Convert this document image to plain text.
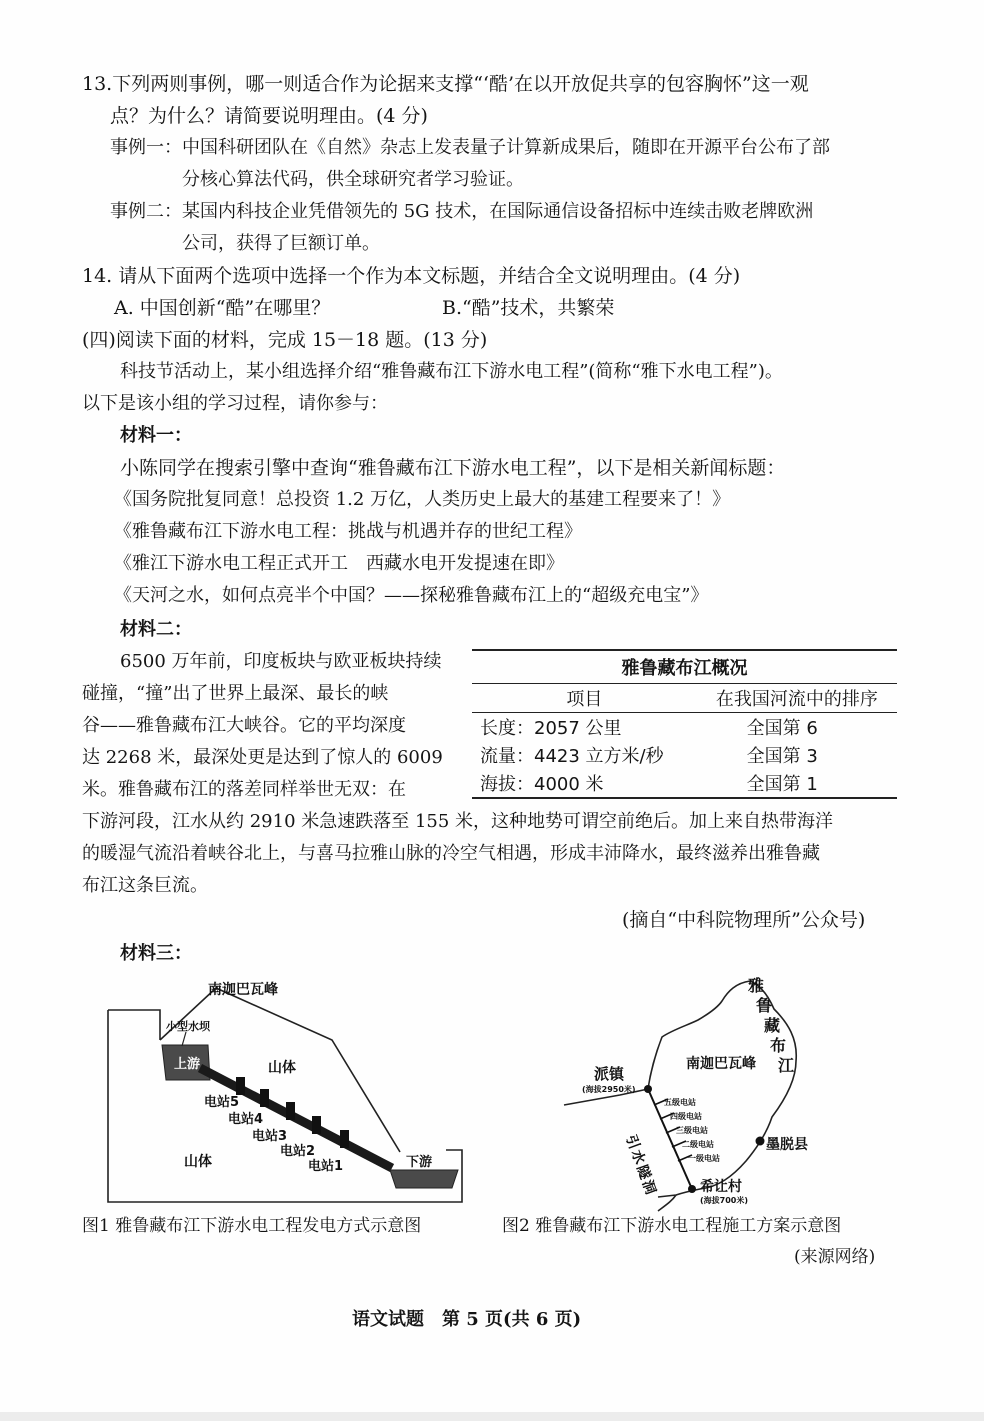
13.下列两则事例，哪一则适合作为论据来支撑“‘酷’在以开放促共享的包容胸怀”这一观
点？为什么？请简要说明理由。(4 分)
事例一：中国科研团队在《自然》杂志上发表量子计算新成果后，随即在开源平台公布了部
分核心算法代码，供全球研究者学习验证。
事例二：某国内科技企业凭借领先的 5G 技术，在国际通信设备招标中连续击败老牌欧洲
公司，获得了巨额订单。
14. 请从下面两个选项中选择一个作为本文标题，并结合全文说明理由。(4 分)
A. 中国创新“酷”在哪里？	B.“酷”技术，共繁荣
(四)阅读下面的材料，完成 15－18 题。(13 分)
科技节活动上，某小组选择介绍“雅鲁藏布江下游水电工程”(简称“雅下水电工程”)。
以下是该小组的学习过程，请你参与：
材料一：
小陈同学在搜索引擎中查询“雅鲁藏布江下游水电工程”，以下是相关新闻标题：
《国务院批复同意！总投资 1.2 万亿，人类历史上最大的基建工程要来了！》
《雅鲁藏布江下游水电工程：挑战与机遇并存的世纪工程》
《雅江下游水电工程正式开工　西藏水电开发提速在即》
《天河之水，如何点亮半个中国？——探秘雅鲁藏布江上的“超级充电宝”》
材料二：
6500 万年前，印度板块与欧亚板块持续
碰撞，“撞”出了世界上最深、最长的峡
谷——雅鲁藏布江大峡谷。它的平均深度
达 2268 米，最深处更是达到了惊人的 6009
米。雅鲁藏布江的落差同样举世无双：在
下游河段，江水从约 2910 米急速跌落至 155 米，这种地势可谓空前绝后。加上来自热带海洋
的暖湿气流沿着峡谷北上，与喜马拉雅山脉的冷空气相遇，形成丰沛降水，最终滋养出雅鲁藏
布江这条巨流。
(摘自“中科院物理所”公众号)
雅鲁藏布江概况	
项目	在我国河流中的排序
长度：2057 公里	全国第 6
流量：4423 立方米/秒	全国第 3
海拔：4000 米	全国第 1
材料三：
南迦巴瓦峰
小型水坝
上游	山体
山体
电站5
电站4
电站3
电站2
电站1	下游
雅
鲁
藏
布
江
南迦巴瓦峰
派镇
(海拔2950米)
希让村
(海拔700米)
墨脱县
五级电站
四级电站
三级电站
二级电站
一级电站
引
水
隧
洞
图1 雅鲁藏布江下游水电工程发电方式示意图	图2 雅鲁藏布江下游水电工程施工方案示意图
(来源网络)
语文试题　第 5 页(共 6 页)
